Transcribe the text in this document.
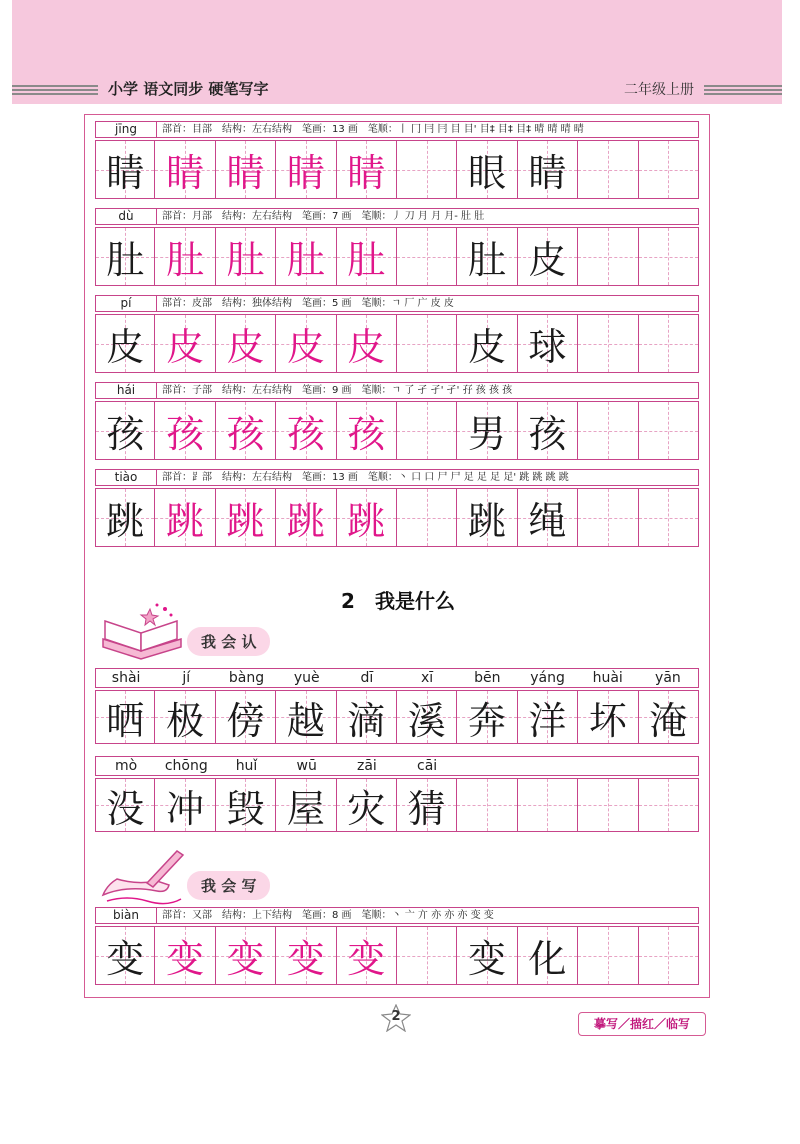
小学 语文同步 硬笔写字	二年级上册
jīng	部首：目部　结构：左右结构　笔画：13 画　笔顺：丨 冂 冃 冃 目 目' 目‡ 目‡ 目‡ 晴 晴 晴 晴
睛 睛 睛 睛 睛 眼 睛
dù	部首：月部　结构：左右结构　笔画：7 画　笔顺：丿 刀 月 月 月- 肚 肚
肚 肚 肚 肚 肚 肚 皮
pí	部首：皮部　结构：独体结构　笔画：5 画　笔顺：ㄱ 厂 广 皮 皮
皮 皮 皮 皮 皮 皮 球
hái	部首：子部　结构：左右结构　笔画：9 画　笔顺：ㄱ 了 孑 孑' 孑' 孖 孩 孩 孩
孩 孩 孩 孩 孩 男 孩
tiào	部首：⻊部　结构：左右结构　笔画：13 画　笔顺：丶 口 口 尸 尸 足 足 足 足' 跳 跳 跳 跳
跳 跳 跳 跳 跳 跳 绳
2　 我是什么
我 会 认
shài	jí	bàng	yuè	dī	xī	bēn	yáng	huài	yān
晒 极 傍 越 滴 溪 奔 洋 坏 淹
mò	chōng	huǐ	wū	zāi	cāi
没 冲 毁 屋 灾 猜
我 会 写
biàn	部首：又部　结构：上下结构　笔画：8 画　笔顺：丶 亠 亣 亦 亦 亦 变 变
变 变 变 变 变 变 化
2	摹写／描红／临写
